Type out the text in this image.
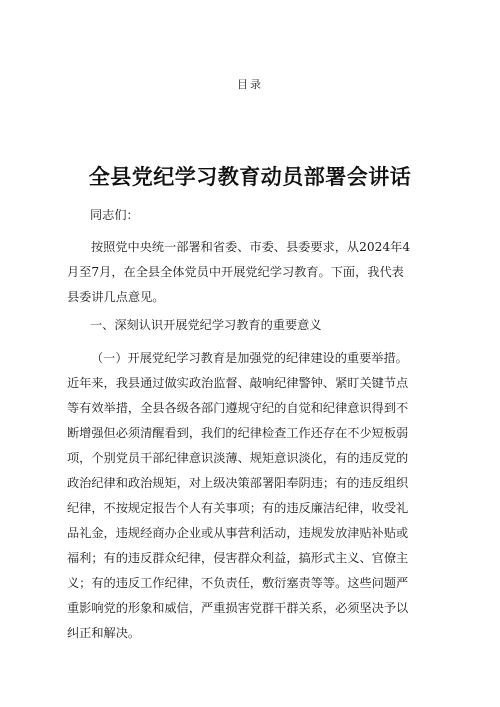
目录
全县党纪学习教育动员部署会讲话
同志们：
按照党中央统一部署和省委、市委、县委要求，从2024年4
月至7月，在全县全体党员中开展党纪学习教育。下面，我代表
县委讲几点意见。
一、深刻认识开展党纪学习教育的重要意义
（一）开展党纪学习教育是加强党的纪律建设的重要举措。
近年来，我县通过做实政治监督、敲响纪律警钟、紧盯关键节点
等有效举措，全县各级各部门遵规守纪的自觉和纪律意识得到不
断增强但必须清醒看到，我们的纪律检查工作还存在不少短板弱
项，个别党员干部纪律意识淡薄、规矩意识淡化，有的违反党的
政治纪律和政治规矩，对上级决策部署阳奉阴违；有的违反组织
纪律，不按规定报告个人有关事项；有的违反廉洁纪律，收受礼
品礼金，违规经商办企业或从事营利活动，违规发放津贴补贴或
福利；有的违反群众纪律，侵害群众利益，搞形式主义、官僚主
义；有的违反工作纪律，不负责任，敷衍塞责等等。这些问题严
重影响党的形象和威信，严重损害党群干群关系，必须坚决予以
纠正和解决。
